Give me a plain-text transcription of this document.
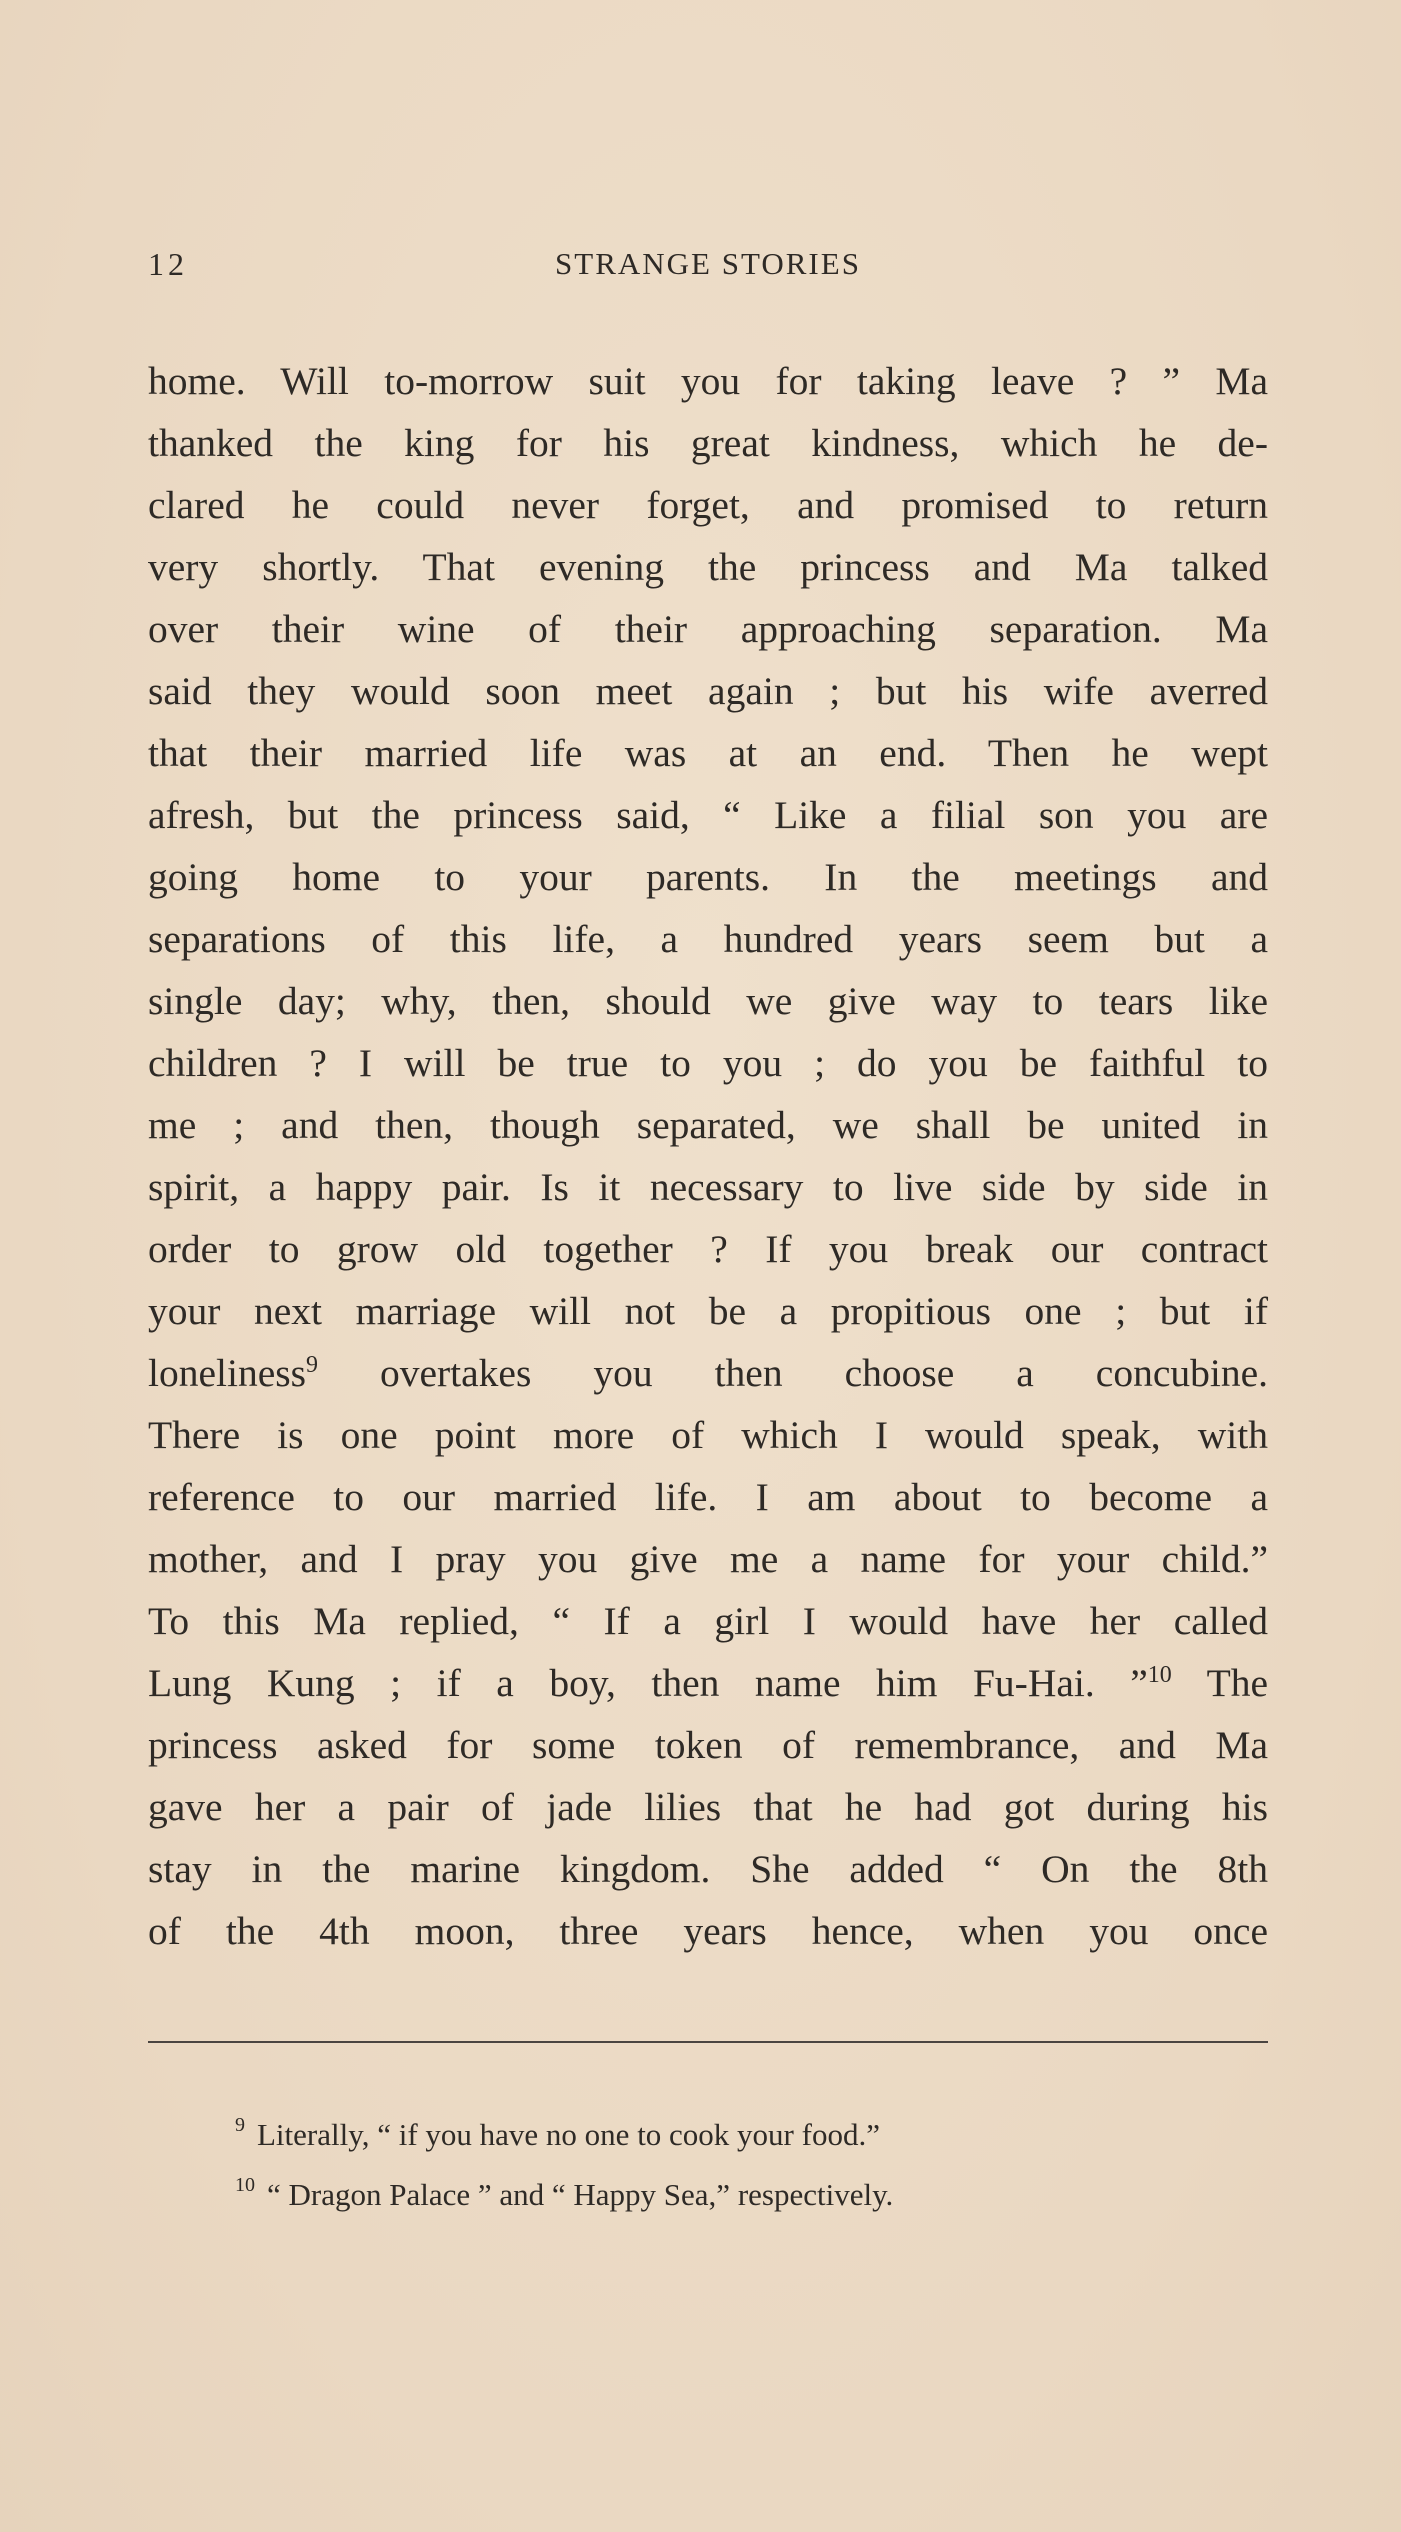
12	STRANGE STORIES
home. Will to-morrow suit you for taking leave ? ” Ma
thanked the king for his great kindness, which he de-
clared he could never forget, and promised to return
very shortly. That evening the princess and Ma talked
over their wine of their approaching separation. Ma
said they would soon meet again ; but his wife averred
that their married life was at an end. Then he wept
afresh, but the princess said, “ Like a filial son you are
going home to your parents. In the meetings and
separations of this life, a hundred years seem but a
single day; why, then, should we give way to tears like
children ? I will be true to you ; do you be faithful to
me ; and then, though separated, we shall be united in
spirit, a happy pair. Is it necessary to live side by side in
order to grow old together ? If you break our contract
your next marriage will not be a propitious one ; but if
loneliness$^9$ overtakes you then choose a concubine.
There is one point more of which I would speak, with
reference to our married life. I am about to become a
mother, and I pray you give me a name for your child.”
To this Ma replied, “ If a girl I would have her called
Lung Kung ; if a boy, then name him Fu-Hai. ”$^{10}$ The
princess asked for some token of remembrance, and Ma
gave her a pair of jade lilies that he had got during his
stay in the marine kingdom. She added “ On the 8th
of the 4th moon, three years hence, when you once
9 Literally, “ if you have no one to cook your food.”
10 “ Dragon Palace ” and “ Happy Sea,” respectively.
